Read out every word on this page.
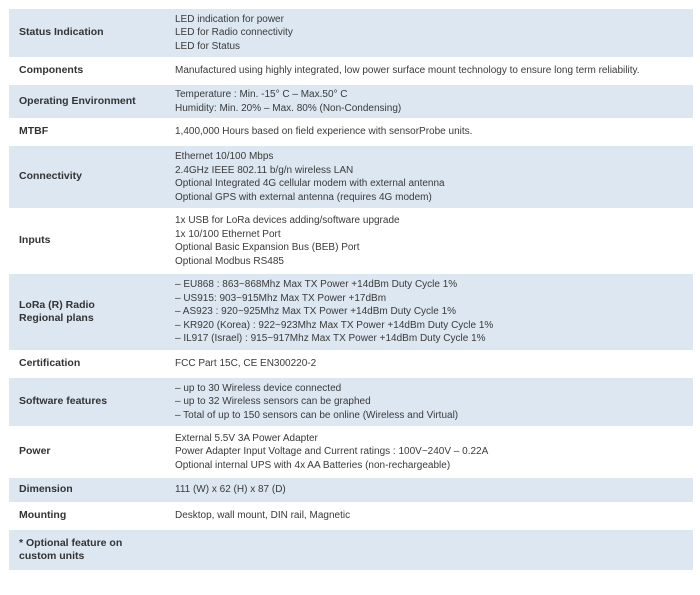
Status Indication	LED indication for power
LED for Radio connectivity
LED for Status

Components	Manufactured using highly integrated, low power surface mount technology to ensure long term reliability.

Operating Environment	Temperature : Min. -15° C – Max.50° C
Humidity: Min. 20% – Max. 80% (Non-Condensing)

MTBF	1,400,000 Hours based on field experience with sensorProbe units.

Connectivity	Ethernet 10/100 Mbps
2.4GHz IEEE 802.11 b/g/n wireless LAN
Optional Integrated 4G cellular modem with external antenna
Optional GPS with external antenna (requires 4G modem)

Inputs	1x USB for LoRa devices adding/software upgrade
1x 10/100 Ethernet Port
Optional Basic Expansion Bus (BEB) Port
Optional Modbus RS485

LoRa (R) Radio
Regional plans	– EU868 : 863~868Mhz Max TX Power +14dBm Duty Cycle 1%
– US915: 903~915Mhz Max TX Power +17dBm
– AS923 : 920~925Mhz Max TX Power +14dBm Duty Cycle 1%
– KR920 (Korea) : 922~923Mhz Max TX Power +14dBm Duty Cycle 1%
– IL917 (Israel) : 915~917Mhz Max TX Power +14dBm Duty Cycle 1%

Certification	FCC Part 15C, CE EN300220-2

Software features	– up to 30 Wireless device connected
– up to 32 Wireless sensors can be graphed
– Total of up to 150 sensors can be online (Wireless and Virtual)

Power	External 5.5V 3A Power Adapter
Power Adapter Input Voltage and Current ratings : 100V~240V – 0.22A
Optional internal UPS with 4x AA Batteries (non-rechargeable)

Dimension	111 (W) x 62 (H) x 87 (D)

Mounting	Desktop, wall mount, DIN rail, Magnetic

* Optional feature on
custom units	
